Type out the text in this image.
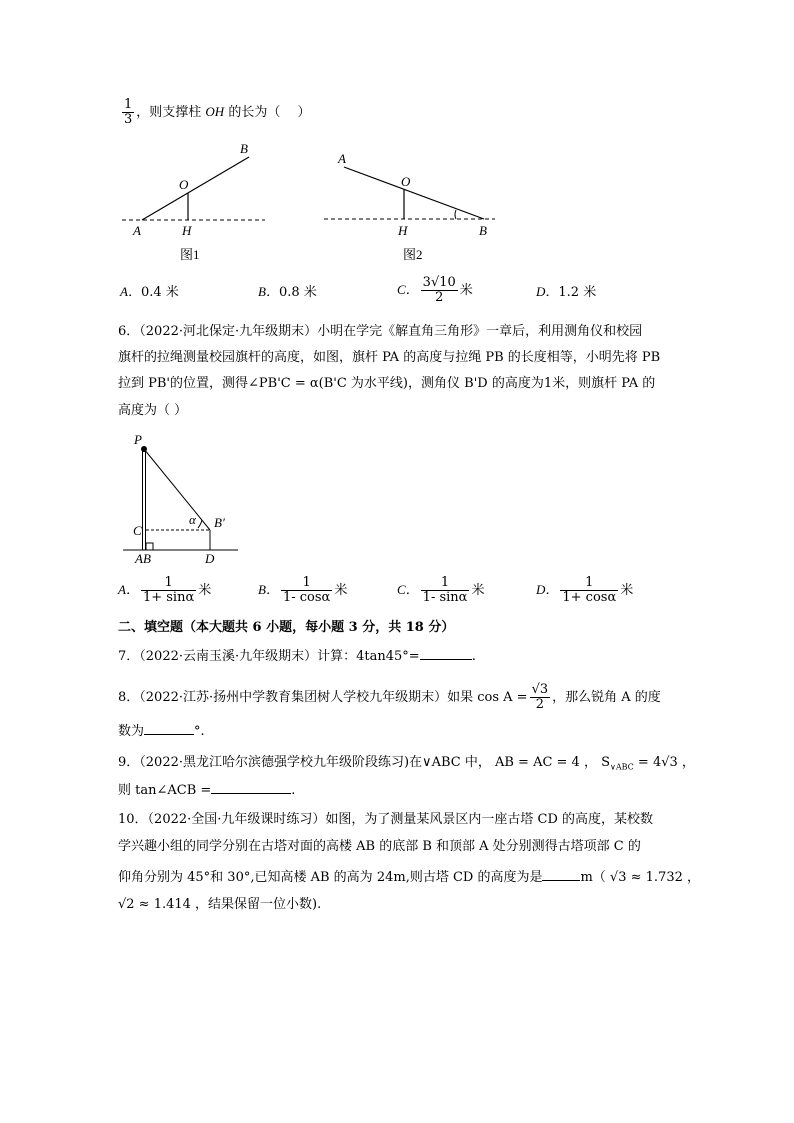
$\frac{1}{3}$ ，则支撑柱 OH 的长为（　 ）
B
O
A	H
图1
A
O
H	B
图2
P
C
AB	D
B′
α
A．0.4 米	B．0.8 米	C． $\frac{3√10}{2}$ 米	D．1.2 米
6．（2022·河北保定·九年级期末）小明在学完《解直角三角形》一章后，利用测角仪和校园
旗杆的拉绳测量校园旗杆的高度，如图，旗杆 PA 的高度与拉绳 PB 的长度相等，小明先将 PB
拉到 PB'的位置，测得∠PB'C = α(B'C 为水平线)，测角仪 B'D 的高度为1米，则旗杆 PA 的
高度为（ ）
A． $\frac{1}{1+ \sin\alpha}$ 米	B． $\frac{1}{1- \cos\alpha}$ 米	C． $\frac{1}{1- \sin\alpha}$ 米	D． $\frac{1}{1+ \cos\alpha}$ 米
二、填空题（本大题共 6 小题，每小题 3 分，共 18 分）
7．（2022·云南玉溪·九年级期末）计算：4tan45°=	.
8．（2022·江苏·扬州中学教育集团树人学校九年级期末）如果 $\cos A = \frac{√3}{2}$ ，那么锐角 A 的度
数为	°.
9．（2022·黑龙江哈尔滨德强学校九年级阶段练习)在∨ABC 中， AB = AC = 4 ， $S_{\vee ABC} = 4√3$ ，
则 tan∠ACB =	.
10．（2022·全国·九年级课时练习）如图，为了测量某风景区内一座古塔 CD 的高度，某校数
学兴趣小组的同学分别在古塔对面的高楼 AB 的底部 B 和顶部 A 处分别测得古塔项部 C 的
仰角分别为 45°和 30°,已知高楼 AB 的高为 24m,则古塔 CD 的高度为是	m（ √3 ≈ 1.732 ，
√2 ≈ 1.414 ，结果保留一位小数).
